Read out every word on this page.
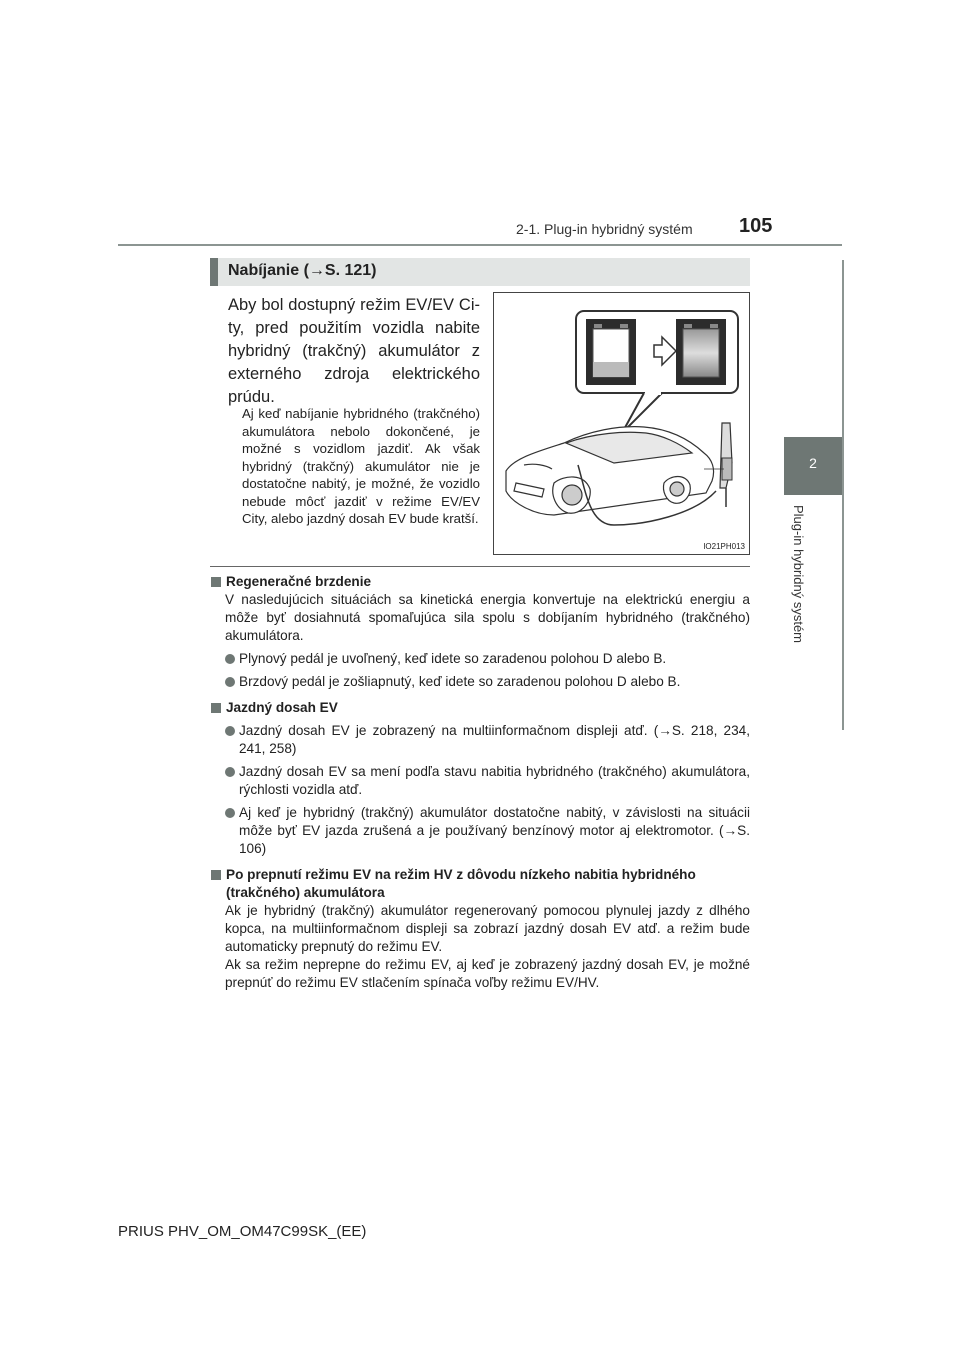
2-1. Plug-in hybridný systém 105
2
Plug-in hybridný systém
Nabíjanie (→S. 121)
Aby bol dostupný režim EV/EV City, pred použitím vozidla nabite hybridný (trakčný) akumulátor z externého zdroja elektrického prúdu.
Aj keď nabíjanie hybridného (trakčného) akumulátora nebolo dokončené, je možné s vozidlom jazdiť. Ak však hybridný (trakčný) akumulátor nie je dostatočne nabitý, je možné, že vozidlo nebude môcť jazdiť v režime EV/EV City, alebo jazdný dosah EV bude kratší.
IO21PH013
Regeneračné brzdenie
V nasledujúcich situáciách sa kinetická energia konvertuje na elektrickú energiu a môže byť dosiahnutá spomaľujúca sila spolu s dobíjaním hybridného (trakčného) akumulátora.
Plynový pedál je uvoľnený, keď idete so zaradenou polohou D alebo B.
Brzdový pedál je zošliapnutý, keď idete so zaradenou polohou D alebo B.
Jazdný dosah EV
Jazdný dosah EV je zobrazený na multiinformačnom displeji atď. (→S. 218, 234, 241, 258)
Jazdný dosah EV sa mení podľa stavu nabitia hybridného (trakčného) akumulátora, rýchlosti vozidla atď.
Aj keď je hybridný (trakčný) akumulátor dostatočne nabitý, v závislosti na situácii môže byť EV jazda zrušená a je používaný benzínový motor aj elektromotor. (→S. 106)
Po prepnutí režimu EV na režim HV z dôvodu nízkeho nabitia hybridného (trakčného) akumulátora
Ak je hybridný (trakčný) akumulátor regenerovaný pomocou plynulej jazdy z dlhého kopca, na multiinformačnom displeji sa zobrazí jazdný dosah EV atď. a režim bude automaticky prepnutý do režimu EV.
Ak sa režim neprepne do režimu EV, aj keď je zobrazený jazdný dosah EV, je možné prepnúť do režimu EV stlačením spínača voľby režimu EV/HV.
PRIUS PHV_OM_OM47C99SK_(EE)
